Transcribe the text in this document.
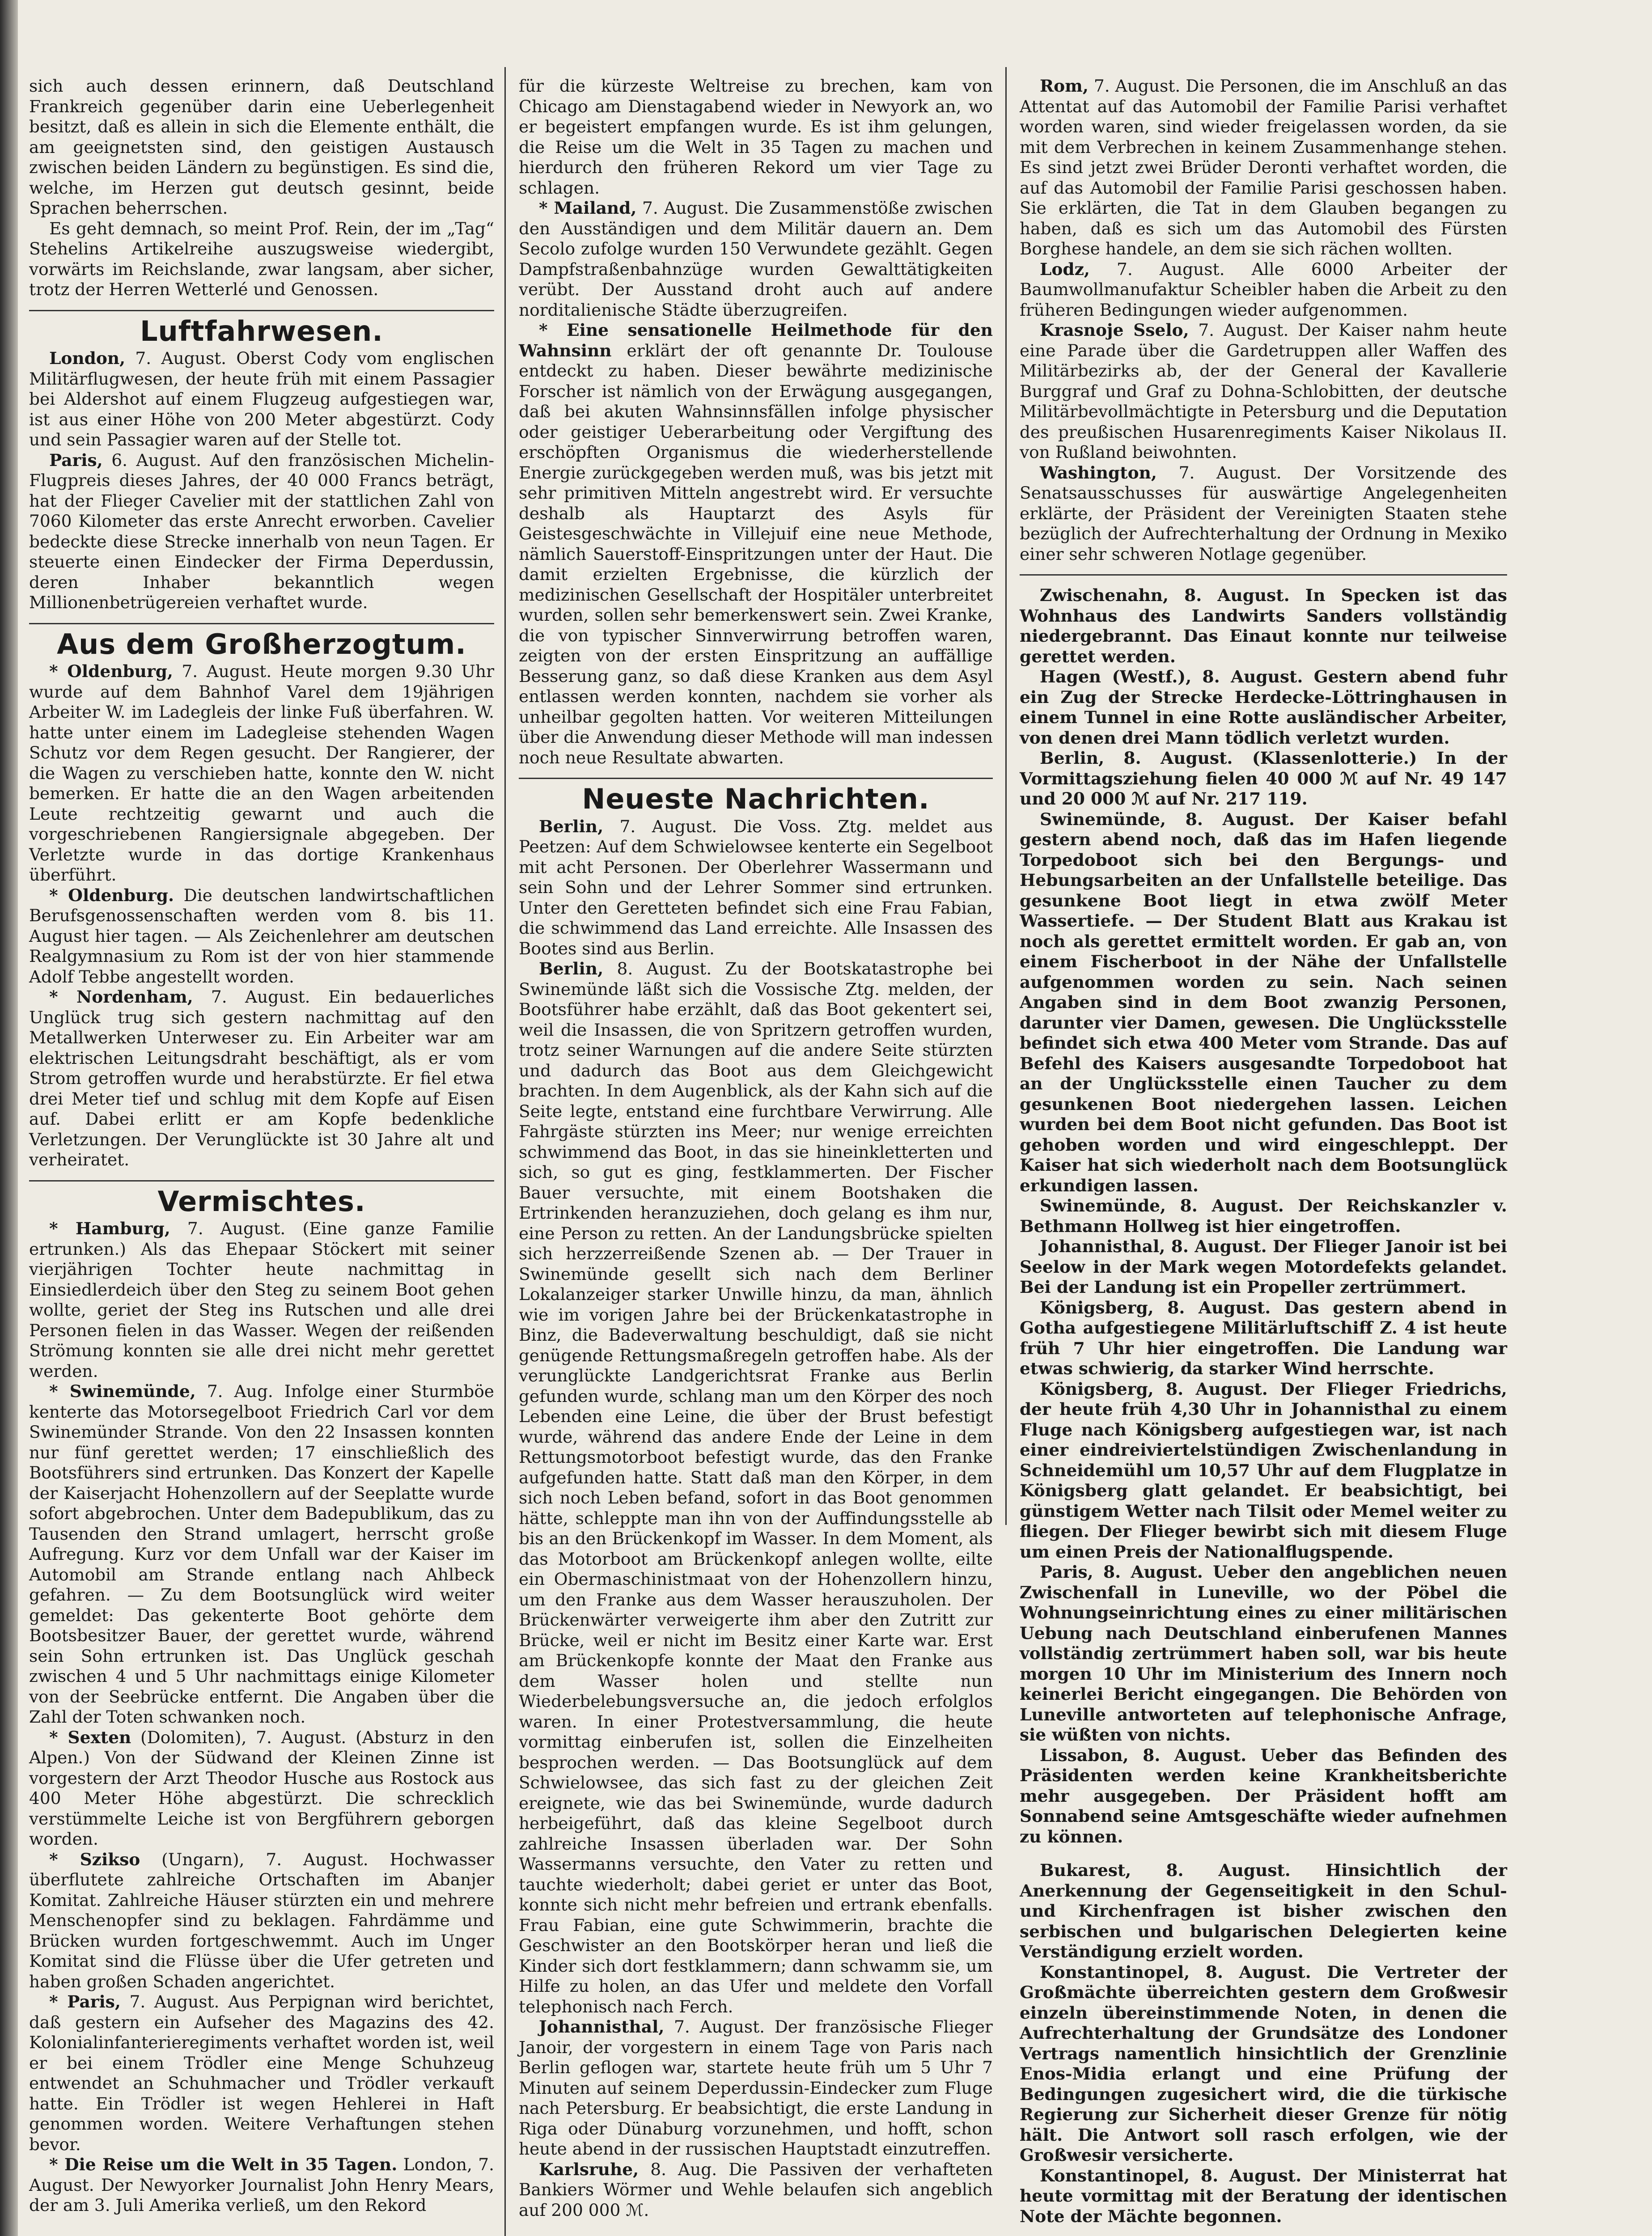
sich auch dessen erinnern, daß Deutschland Frankreich gegenüber darin eine Ueberlegenheit besitzt, daß es allein in sich die Elemente enthält, die am geeignetsten sind, den geistigen Austausch zwischen beiden Ländern zu begünstigen. Es sind die, welche, im Herzen gut deutsch gesinnt, beide Sprachen beherrschen.

Es geht demnach, so meint Prof. Rein, der im „Tag“ Stehelins Artikelreihe auszugsweise wiedergibt, vorwärts im Reichslande, zwar langsam, aber sicher, trotz der Herren Wetterlé und Genossen.

Luftfahrwesen.

London, 7. August. Oberst Cody vom englischen Militärflugwesen, der heute früh mit einem Passagier bei Aldershot auf einem Flugzeug aufgestiegen war, ist aus einer Höhe von 200 Meter abgestürzt. Cody und sein Passagier waren auf der Stelle tot.

Paris, 6. August. Auf den französischen Michelin-Flugpreis dieses Jahres, der 40 000 Francs beträgt, hat der Flieger Cavelier mit der stattlichen Zahl von 7060 Kilometer das erste Anrecht erworben. Cavelier bedeckte diese Strecke innerhalb von neun Tagen. Er steuerte einen Eindecker der Firma Deperdussin, deren Inhaber bekanntlich wegen Millionenbetrügereien verhaftet wurde.

Aus dem Großherzogtum.

* Oldenburg, 7. August. Heute morgen 9.30 Uhr wurde auf dem Bahnhof Varel dem 19jährigen Arbeiter W. im Ladegleis der linke Fuß überfahren. W. hatte unter einem im Ladegleise stehenden Wagen Schutz vor dem Regen gesucht. Der Rangierer, der die Wagen zu verschieben hatte, konnte den W. nicht bemerken. Er hatte die an den Wagen arbeitenden Leute rechtzeitig gewarnt und auch die vorgeschriebenen Rangiersignale abgegeben. Der Verletzte wurde in das dortige Krankenhaus überführt.

* Oldenburg. Die deutschen landwirtschaftlichen Berufsgenossenschaften werden vom 8. bis 11. August hier tagen. — Als Zeichenlehrer am deutschen Realgymnasium zu Rom ist der von hier stammende Adolf Tebbe angestellt worden.

* Nordenham, 7. August. Ein bedauerliches Unglück trug sich gestern nachmittag auf den Metallwerken Unterweser zu. Ein Arbeiter war am elektrischen Leitungsdraht beschäftigt, als er vom Strom getroffen wurde und herabstürzte. Er fiel etwa drei Meter tief und schlug mit dem Kopfe auf Eisen auf. Dabei erlitt er am Kopfe bedenkliche Verletzungen. Der Verunglückte ist 30 Jahre alt und verheiratet.

Vermischtes.

* Hamburg, 7. August. (Eine ganze Familie ertrunken.) Als das Ehepaar Stöckert mit seiner vierjährigen Tochter heute nachmittag in Einsiedlerdeich über den Steg zu seinem Boot gehen wollte, geriet der Steg ins Rutschen und alle drei Personen fielen in das Wasser. Wegen der reißenden Strömung konnten sie alle drei nicht mehr gerettet werden.

* Swinemünde, 7. Aug. Infolge einer Sturmböe kenterte das Motorsegelboot Friedrich Carl vor dem Swinemünder Strande. Von den 22 Insassen konnten nur fünf gerettet werden; 17 einschließlich des Bootsführers sind ertrunken. Das Konzert der Kapelle der Kaiserjacht Hohenzollern auf der Seeplatte wurde sofort abgebrochen. Unter dem Badepublikum, das zu Tausenden den Strand umlagert, herrscht große Aufregung. Kurz vor dem Unfall war der Kaiser im Automobil am Strande entlang nach Ahlbeck gefahren. — Zu dem Bootsunglück wird weiter gemeldet: Das gekenterte Boot gehörte dem Bootsbesitzer Bauer, der gerettet wurde, während sein Sohn ertrunken ist. Das Unglück geschah zwischen 4 und 5 Uhr nachmittags einige Kilometer von der Seebrücke entfernt. Die Angaben über die Zahl der Toten schwanken noch.

* Sexten (Dolomiten), 7. August. (Absturz in den Alpen.) Von der Südwand der Kleinen Zinne ist vorgestern der Arzt Theodor Husche aus Rostock aus 400 Meter Höhe abgestürzt. Die schrecklich verstümmelte Leiche ist von Bergführern geborgen worden.

* Szikso (Ungarn), 7. August. Hochwasser überflutete zahlreiche Ortschaften im Abanjer Komitat. Zahlreiche Häuser stürzten ein und mehrere Menschenopfer sind zu beklagen. Fahrdämme und Brücken wurden fortgeschwemmt. Auch im Unger Komitat sind die Flüsse über die Ufer getreten und haben großen Schaden angerichtet.

* Paris, 7. August. Aus Perpignan wird berichtet, daß gestern ein Aufseher des Magazins des 42. Kolonialinfanterieregiments verhaftet worden ist, weil er bei einem Trödler eine Menge Schuhzeug entwendet an Schuhmacher und Trödler verkauft hatte. Ein Trödler ist wegen Hehlerei in Haft genommen worden. Weitere Verhaftungen stehen bevor.

* Die Reise um die Welt in 35 Tagen. London, 7. August. Der Newyorker Journalist John Henry Mears, der am 3. Juli Amerika verließ, um den Rekord

für die kürzeste Weltreise zu brechen, kam von Chicago am Dienstagabend wieder in Newyork an, wo er begeistert empfangen wurde. Es ist ihm gelungen, die Reise um die Welt in 35 Tagen zu machen und hierdurch den früheren Rekord um vier Tage zu schlagen.

* Mailand, 7. August. Die Zusammenstöße zwischen den Ausständigen und dem Militär dauern an. Dem Secolo zufolge wurden 150 Verwundete gezählt. Gegen Dampfstraßenbahnzüge wurden Gewalttätigkeiten verübt. Der Ausstand droht auch auf andere norditalienische Städte überzugreifen.

* Eine sensationelle Heilmethode für den Wahnsinn erklärt der oft genannte Dr. Toulouse entdeckt zu haben. Dieser bewährte medizinische Forscher ist nämlich von der Erwägung ausgegangen, daß bei akuten Wahnsinnsfällen infolge physischer oder geistiger Ueberarbeitung oder Vergiftung des erschöpften Organismus die wiederherstellende Energie zurückgegeben werden muß, was bis jetzt mit sehr primitiven Mitteln angestrebt wird. Er versuchte deshalb als Hauptarzt des Asyls für Geistesgeschwächte in Villejuif eine neue Methode, nämlich Sauerstoff-Einspritzungen unter der Haut. Die damit erzielten Ergebnisse, die kürzlich der medizinischen Gesellschaft der Hospitäler unterbreitet wurden, sollen sehr bemerkenswert sein. Zwei Kranke, die von typischer Sinnverwirrung betroffen waren, zeigten von der ersten Einspritzung an auffällige Besserung ganz, so daß diese Kranken aus dem Asyl entlassen werden konnten, nachdem sie vorher als unheilbar gegolten hatten. Vor weiteren Mitteilungen über die Anwendung dieser Methode will man indessen noch neue Resultate abwarten.

Neueste Nachrichten.

Berlin, 7. August. Die Voss. Ztg. meldet aus Peetzen: Auf dem Schwielowsee kenterte ein Segelboot mit acht Personen. Der Oberlehrer Wassermann und sein Sohn und der Lehrer Sommer sind ertrunken. Unter den Geretteten befindet sich eine Frau Fabian, die schwimmend das Land erreichte. Alle Insassen des Bootes sind aus Berlin.

Berlin, 8. August. Zu der Bootskatastrophe bei Swinemünde läßt sich die Vossische Ztg. melden, der Bootsführer habe erzählt, daß das Boot gekentert sei, weil die Insassen, die von Spritzern getroffen wurden, trotz seiner Warnungen auf die andere Seite stürzten und dadurch das Boot aus dem Gleichgewicht brachten. In dem Augenblick, als der Kahn sich auf die Seite legte, entstand eine furchtbare Verwirrung. Alle Fahrgäste stürzten ins Meer; nur wenige erreichten schwimmend das Boot, in das sie hineinkletterten und sich, so gut es ging, festklammerten. Der Fischer Bauer versuchte, mit einem Bootshaken die Ertrinkenden heranzuziehen, doch gelang es ihm nur, eine Person zu retten. An der Landungsbrücke spielten sich herzzerreißende Szenen ab. — Der Trauer in Swinemünde gesellt sich nach dem Berliner Lokalanzeiger starker Unwille hinzu, da man, ähnlich wie im vorigen Jahre bei der Brückenkatastrophe in Binz, die Badeverwaltung beschuldigt, daß sie nicht genügende Rettungsmaßregeln getroffen habe. Als der verunglückte Landgerichtsrat Franke aus Berlin gefunden wurde, schlang man um den Körper des noch Lebenden eine Leine, die über der Brust befestigt wurde, während das andere Ende der Leine in dem Rettungsmotorboot befestigt wurde, das den Franke aufgefunden hatte. Statt daß man den Körper, in dem sich noch Leben befand, sofort in das Boot genommen hätte, schleppte man ihn von der Auffindungsstelle ab bis an den Brückenkopf im Wasser. In dem Moment, als das Motorboot am Brückenkopf anlegen wollte, eilte ein Obermaschinistmaat von der Hohenzollern hinzu, um den Franke aus dem Wasser herauszuholen. Der Brückenwärter verweigerte ihm aber den Zutritt zur Brücke, weil er nicht im Besitz einer Karte war. Erst am Brückenkopfe konnte der Maat den Franke aus dem Wasser holen und stellte nun Wiederbelebungsversuche an, die jedoch erfolglos waren. In einer Protestversammlung, die heute vormittag einberufen ist, sollen die Einzelheiten besprochen werden. — Das Bootsunglück auf dem Schwielowsee, das sich fast zu der gleichen Zeit ereignete, wie das bei Swinemünde, wurde dadurch herbeigeführt, daß das kleine Segelboot durch zahlreiche Insassen überladen war. Der Sohn Wassermanns versuchte, den Vater zu retten und tauchte wiederholt; dabei geriet er unter das Boot, konnte sich nicht mehr befreien und ertrank ebenfalls. Frau Fabian, eine gute Schwimmerin, brachte die Geschwister an den Bootskörper heran und ließ die Kinder sich dort festklammern; dann schwamm sie, um Hilfe zu holen, an das Ufer und meldete den Vorfall telephonisch nach Ferch.

Johannisthal, 7. August. Der französische Flieger Janoir, der vorgestern in einem Tage von Paris nach Berlin geflogen war, startete heute früh um 5 Uhr 7 Minuten auf seinem Deperdussin-Eindecker zum Fluge nach Petersburg. Er beabsichtigt, die erste Landung in Riga oder Dünaburg vorzunehmen, und hofft, schon heute abend in der russischen Hauptstadt einzutreffen.

Karlsruhe, 8. Aug. Die Passiven der verhafteten Bankiers Wörmer und Wehle belaufen sich angeblich auf 200 000 ℳ.

Rom, 7. August. Die Personen, die im Anschluß an das Attentat auf das Automobil der Familie Parisi verhaftet worden waren, sind wieder freigelassen worden, da sie mit dem Verbrechen in keinem Zusammenhange stehen. Es sind jetzt zwei Brüder Deronti verhaftet worden, die auf das Automobil der Familie Parisi geschossen haben. Sie erklärten, die Tat in dem Glauben begangen zu haben, daß es sich um das Automobil des Fürsten Borghese handele, an dem sie sich rächen wollten.

Lodz, 7. August. Alle 6000 Arbeiter der Baumwollmanufaktur Scheibler haben die Arbeit zu den früheren Bedingungen wieder aufgenommen.

Krasnoje Sselo, 7. August. Der Kaiser nahm heute eine Parade über die Gardetruppen aller Waffen des Militärbezirks ab, der der General der Kavallerie Burggraf und Graf zu Dohna-Schlobitten, der deutsche Militärbevollmächtigte in Petersburg und die Deputation des preußischen Husarenregiments Kaiser Nikolaus II. von Rußland beiwohnten.

Washington, 7. August. Der Vorsitzende des Senatsausschusses für auswärtige Angelegenheiten erklärte, der Präsident der Vereinigten Staaten stehe bezüglich der Aufrechterhaltung der Ordnung in Mexiko einer sehr schweren Notlage gegenüber.

Zwischenahn, 8. August. In Specken ist das Wohnhaus des Landwirts Sanders vollständig niedergebrannt. Das Einaut konnte nur teilweise gerettet werden.

Hagen (Westf.), 8. August. Gestern abend fuhr ein Zug der Strecke Herdecke-Löttringhausen in einem Tunnel in eine Rotte ausländischer Arbeiter, von denen drei Mann tödlich verletzt wurden.

Berlin, 8. August. (Klassenlotterie.) In der Vormittagsziehung fielen 40 000 ℳ auf Nr. 49 147 und 20 000 ℳ auf Nr. 217 119.

Swinemünde, 8. August. Der Kaiser befahl gestern abend noch, daß das im Hafen liegende Torpedoboot sich bei den Bergungs- und Hebungsarbeiten an der Unfallstelle beteilige. Das gesunkene Boot liegt in etwa zwölf Meter Wassertiefe. — Der Student Blatt aus Krakau ist noch als gerettet ermittelt worden. Er gab an, von einem Fischerboot in der Nähe der Unfallstelle aufgenommen worden zu sein. Nach seinen Angaben sind in dem Boot zwanzig Personen, darunter vier Damen, gewesen. Die Unglücksstelle befindet sich etwa 400 Meter vom Strande. Das auf Befehl des Kaisers ausgesandte Torpedoboot hat an der Unglücksstelle einen Taucher zu dem gesunkenen Boot niedergehen lassen. Leichen wurden bei dem Boot nicht gefunden. Das Boot ist gehoben worden und wird eingeschleppt. Der Kaiser hat sich wiederholt nach dem Bootsunglück erkundigen lassen.

Swinemünde, 8. August. Der Reichskanzler v. Bethmann Hollweg ist hier eingetroffen.

Johannisthal, 8. August. Der Flieger Janoir ist bei Seelow in der Mark wegen Motordefekts gelandet. Bei der Landung ist ein Propeller zertrümmert.

Königsberg, 8. August. Das gestern abend in Gotha aufgestiegene Militärluftschiff Z. 4 ist heute früh 7 Uhr hier eingetroffen. Die Landung war etwas schwierig, da starker Wind herrschte.

Königsberg, 8. August. Der Flieger Friedrichs, der heute früh 4,30 Uhr in Johannisthal zu einem Fluge nach Königsberg aufgestiegen war, ist nach einer eindreiviertelstündigen Zwischenlandung in Schneidemühl um 10,57 Uhr auf dem Flugplatze in Königsberg glatt gelandet. Er beabsichtigt, bei günstigem Wetter nach Tilsit oder Memel weiter zu fliegen. Der Flieger bewirbt sich mit diesem Fluge um einen Preis der Nationalflugspende.

Paris, 8. August. Ueber den angeblichen neuen Zwischenfall in Luneville, wo der Pöbel die Wohnungseinrichtung eines zu einer militärischen Uebung nach Deutschland einberufenen Mannes vollständig zertrümmert haben soll, war bis heute morgen 10 Uhr im Ministerium des Innern noch keinerlei Bericht eingegangen. Die Behörden von Luneville antworteten auf telephonische Anfrage, sie wüßten von nichts.

Lissabon, 8. August. Ueber das Befinden des Präsidenten werden keine Krankheitsberichte mehr ausgegeben. Der Präsident hofft am Sonnabend seine Amtsgeschäfte wieder aufnehmen zu können.

Bukarest, 8. August. Hinsichtlich der Anerkennung der Gegenseitigkeit in den Schul- und Kirchenfragen ist bisher zwischen den serbischen und bulgarischen Delegierten keine Verständigung erzielt worden.

Konstantinopel, 8. August. Die Vertreter der Großmächte überreichten gestern dem Großwesir einzeln übereinstimmende Noten, in denen die Aufrechterhaltung der Grundsätze des Londoner Vertrags namentlich hinsichtlich der Grenzlinie Enos-Midia erlangt und eine Prüfung der Bedingungen zugesichert wird, die die türkische Regierung zur Sicherheit dieser Grenze für nötig hält. Die Antwort soll rasch erfolgen, wie der Großwesir versicherte.

Konstantinopel, 8. August. Der Ministerrat hat heute vormittag mit der Beratung der identischen Note der Mächte begonnen.
